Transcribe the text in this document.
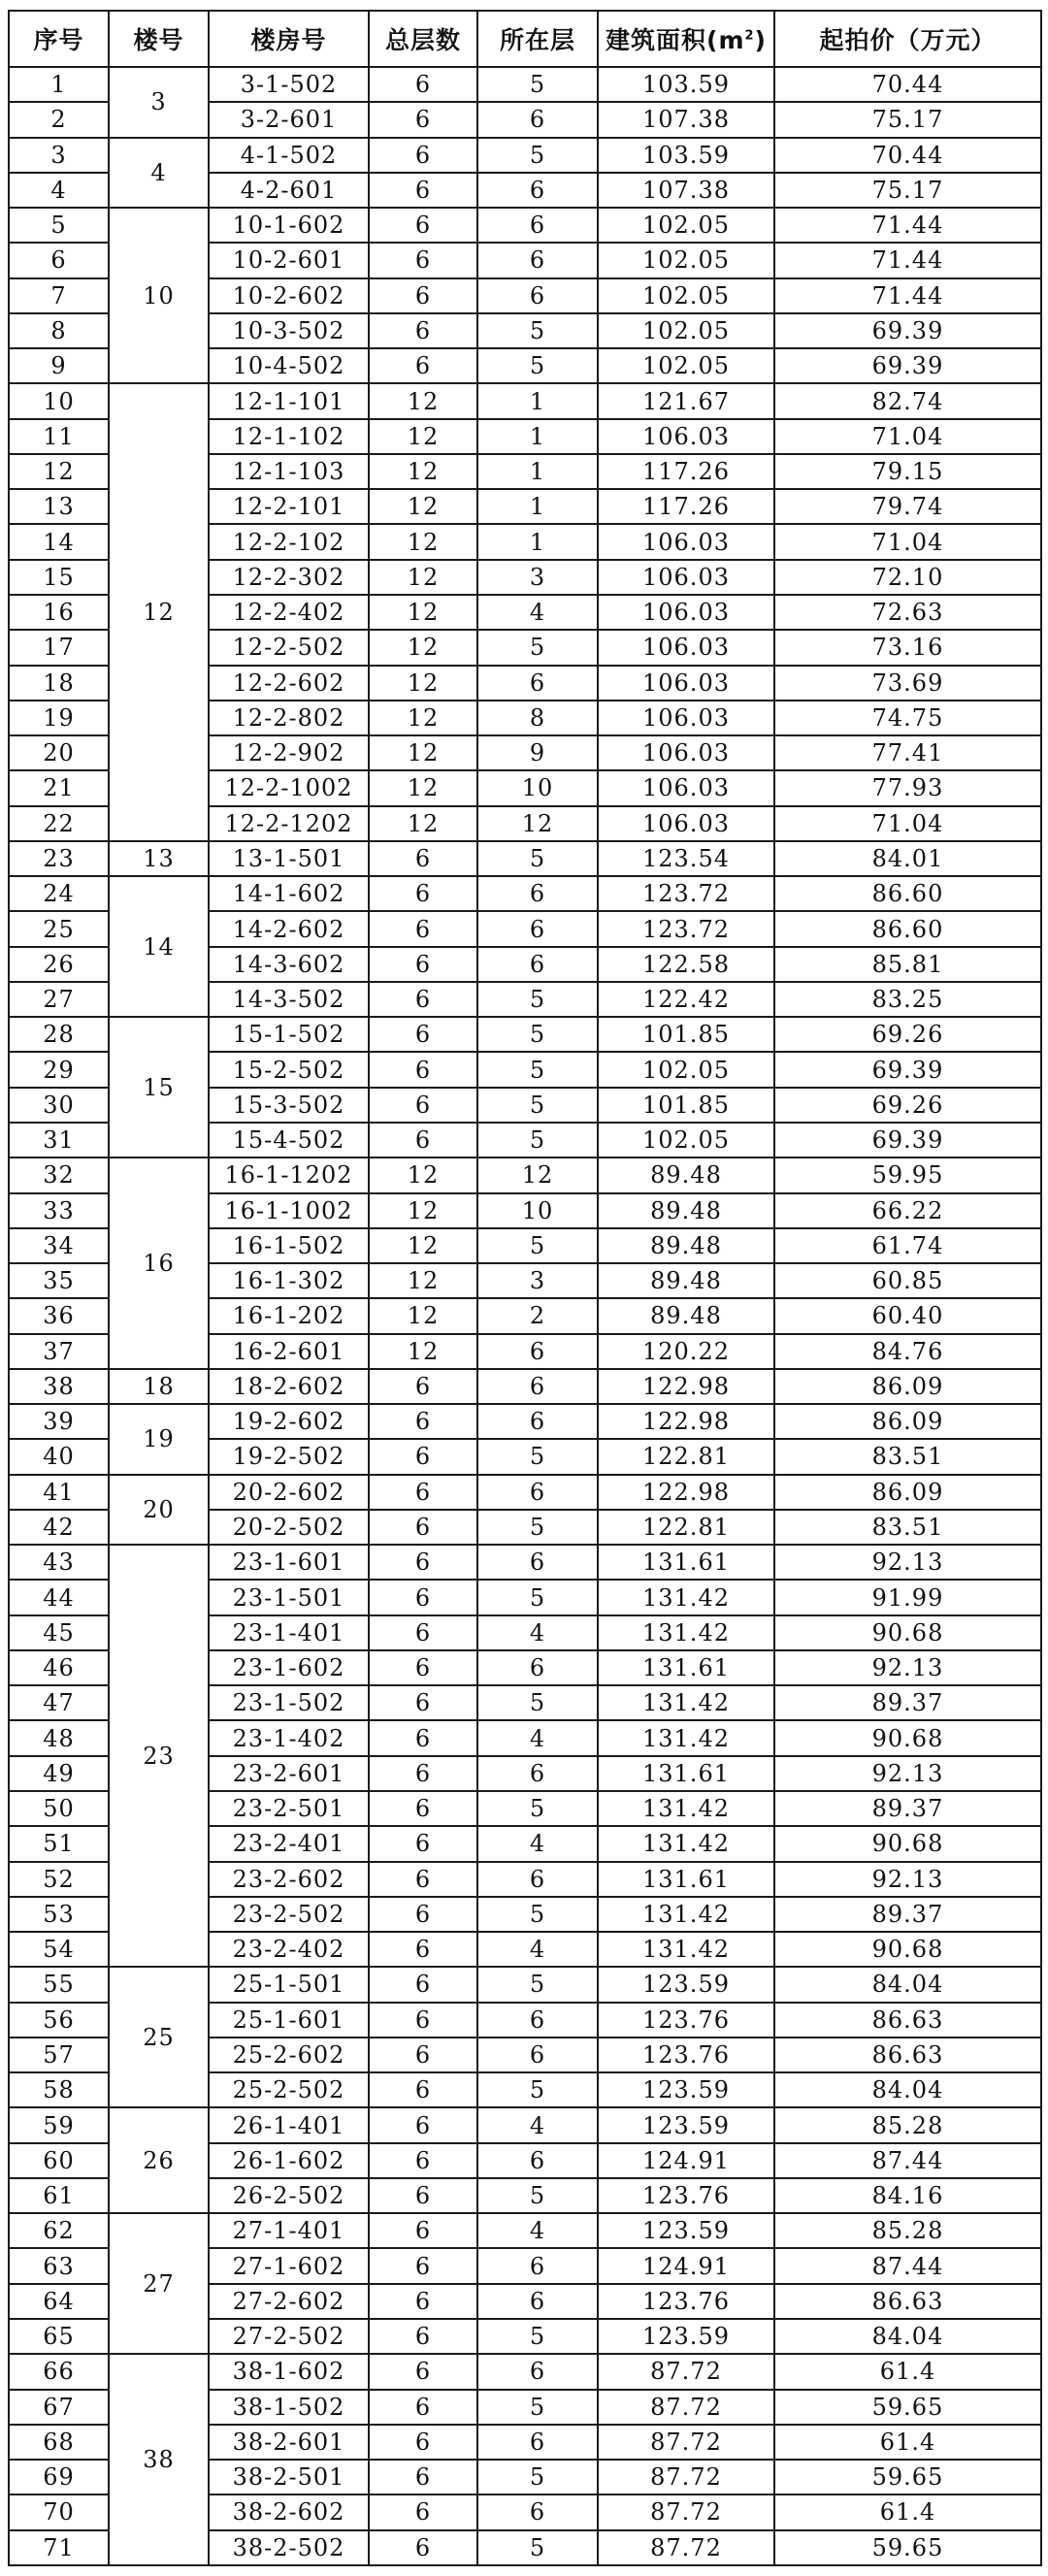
序号	楼号	楼房号	总层数	所在层	建筑面积$(m^2)$	起拍价（万元）
1	3	3-1-502	6	5	103.59	70.44
2		3-2-601	6	6	107.38	75.17
3	4	4-1-502	6	5	103.59	70.44
4		4-2-601	6	6	107.38	75.17
5	10	10-1-602	6	6	102.05	71.44
6		10-2-601	6	6	102.05	71.44
7		10-2-602	6	6	102.05	71.44
8		10-3-502	6	5	102.05	69.39
9		10-4-502	6	5	102.05	69.39
10	12	12-1-101	12	1	121.67	82.74
11		12-1-102	12	1	106.03	71.04
12		12-1-103	12	1	117.26	79.15
13		12-2-101	12	1	117.26	79.74
14		12-2-102	12	1	106.03	71.04
15		12-2-302	12	3	106.03	72.10
16		12-2-402	12	4	106.03	72.63
17		12-2-502	12	5	106.03	73.16
18		12-2-602	12	6	106.03	73.69
19		12-2-802	12	8	106.03	74.75
20		12-2-902	12	9	106.03	77.41
21		12-2-1002	12	10	106.03	77.93
22		12-2-1202	12	12	106.03	71.04
23	13	13-1-501	6	5	123.54	84.01
24	14	14-1-602	6	6	123.72	86.60
25		14-2-602	6	6	123.72	86.60
26		14-3-602	6	6	122.58	85.81
27		14-3-502	6	5	122.42	83.25
28	15	15-1-502	6	5	101.85	69.26
29		15-2-502	6	5	102.05	69.39
30		15-3-502	6	5	101.85	69.26
31		15-4-502	6	5	102.05	69.39
32	16	16-1-1202	12	12	89.48	59.95
33		16-1-1002	12	10	89.48	66.22
34		16-1-502	12	5	89.48	61.74
35		16-1-302	12	3	89.48	60.85
36		16-1-202	12	2	89.48	60.40
37		16-2-601	12	6	120.22	84.76
38	18	18-2-602	6	6	122.98	86.09
39	19	19-2-602	6	6	122.98	86.09
40		19-2-502	6	5	122.81	83.51
41	20	20-2-602	6	6	122.98	86.09
42		20-2-502	6	5	122.81	83.51
43	23	23-1-601	6	6	131.61	92.13
44		23-1-501	6	5	131.42	91.99
45		23-1-401	6	4	131.42	90.68
46		23-1-602	6	6	131.61	92.13
47		23-1-502	6	5	131.42	89.37
48		23-1-402	6	4	131.42	90.68
49		23-2-601	6	6	131.61	92.13
50		23-2-501	6	5	131.42	89.37
51		23-2-401	6	4	131.42	90.68
52		23-2-602	6	6	131.61	92.13
53		23-2-502	6	5	131.42	89.37
54		23-2-402	6	4	131.42	90.68
55	25	25-1-501	6	5	123.59	84.04
56		25-1-601	6	6	123.76	86.63
57		25-2-602	6	6	123.76	86.63
58		25-2-502	6	5	123.59	84.04
59	26	26-1-401	6	4	123.59	85.28
60		26-1-602	6	6	124.91	87.44
61		26-2-502	6	5	123.76	84.16
62	27	27-1-401	6	4	123.59	85.28
63		27-1-602	6	6	124.91	87.44
64		27-2-602	6	6	123.76	86.63
65		27-2-502	6	5	123.59	84.04
66	38	38-1-602	6	6	87.72	61.4
67		38-1-502	6	5	87.72	59.65
68		38-2-601	6	6	87.72	61.4
69		38-2-501	6	5	87.72	59.65
70		38-2-602	6	6	87.72	61.4
71		38-2-502	6	5	87.72	59.65
